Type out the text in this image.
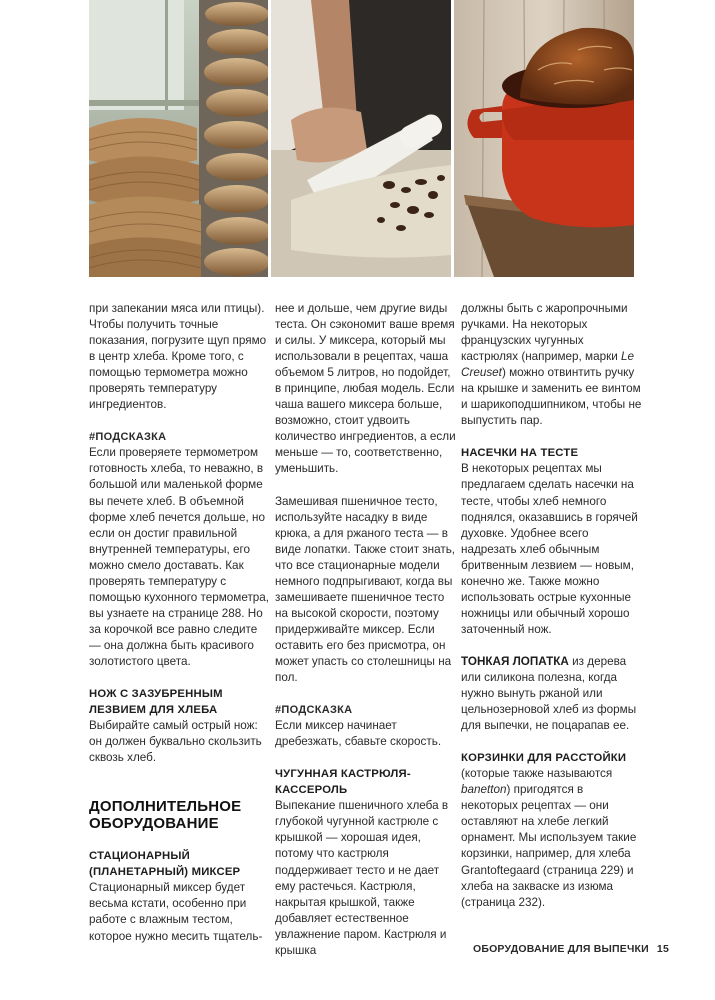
при запекании мяса или птицы). Чтобы получить точные показания, погрузите щуп прямо в центр хлеба. Кроме того, с помощью термометра можно проверять температуру ингредиентов.

#ПОДСКАЗКА

Если проверяете термометром готовность хлеба, то неважно, в большой или маленькой форме вы печете хлеб. В объемной форме хлеб печется дольше, но если он достиг правильной внутренней температуры, его можно смело доставать. Как проверять температуру с помощью кухонного термометра, вы узнаете на странице 288. Но за корочкой все равно следите — она должна быть красивого золотистого цвета.

НОЖ С ЗАЗУБРЕННЫМ ЛЕЗВИЕМ ДЛЯ ХЛЕБА

Выбирайте самый острый нож: он должен буквально скользить сквозь хлеб.

ДОПОЛНИТЕЛЬНОЕ ОБОРУДОВАНИЕ

СТАЦИОНАРНЫЙ (ПЛАНЕТАРНЫЙ) МИКСЕР

Стационарный миксер будет весьма кстати, особенно при работе с влажным тестом, которое нужно месить тщатель-

нее и дольше, чем другие виды теста. Он сэкономит ваше время и силы. У миксера, который мы использовали в рецептах, чаша объемом 5 литров, но подойдет, в принципе, любая модель. Если чаша вашего миксера больше, возможно, стоит удвоить количество ингредиентов, а если меньше — то, соответственно, уменьшить.

Замешивая пшеничное тесто, используйте насадку в виде крюка, а для ржаного теста — в виде лопатки. Также стоит знать, что все стационарные модели немного подпрыгивают, когда вы замешиваете пшеничное тесто на высокой скорости, поэтому придерживайте миксер. Если оставить его без присмотра, он может упасть со столешницы на пол.

#ПОДСКАЗКА

Если миксер начинает дребезжать, сбавьте скорость.

ЧУГУННАЯ КАСТРЮЛЯ-КАССЕРОЛЬ

Выпекание пшеничного хлеба в глубокой чугунной кастрюле с крышкой — хорошая идея, потому что кастрюля поддерживает тесто и не дает ему растечься. Кастрюля, накрытая крышкой, также добавляет естественное увлажнение паром. Кастрюля и крышка

должны быть с жаропрочными ручками. На некоторых французских чугунных кастрюлях (например, марки Le Creuset) можно отвинтить ручку на крышке и заменить ее винтом и шарикоподшипником, чтобы не выпустить пар.

НАСЕЧКИ НА ТЕСТЕ

В некоторых рецептах мы предлагаем сделать насечки на тесте, чтобы хлеб немного поднялся, оказавшись в горячей духовке. Удобнее всего надрезать хлеб обычным бритвенным лезвием — новым, конечно же. Также можно использовать острые кухонные ножницы или обычный хорошо заточенный нож.

ТОНКАЯ ЛОПАТКА из дерева или силикона полезна, когда нужно вынуть ржаной или цельнозерновой хлеб из формы для выпечки, не поцарапав ее.

КОРЗИНКИ ДЛЯ РАССТОЙКИ

(которые также называются banetton) пригодятся в некоторых рецептах — они оставляют на хлебе легкий орнамент. Мы используем такие корзинки, например, для хлеба Grantoftegaard (страница 229) и хлеба на закваске из изюма (страница 232).

ОБОРУДОВАНИЕ ДЛЯ ВЫПЕЧКИ 15
